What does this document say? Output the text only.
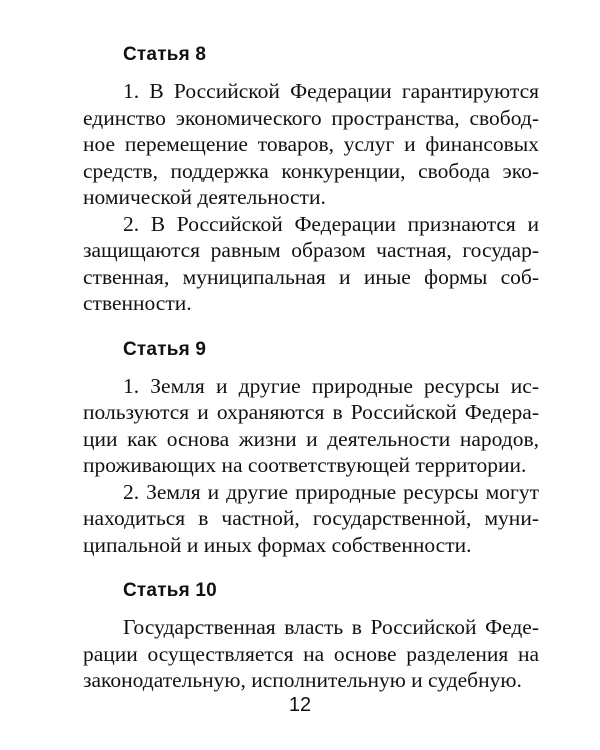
Статья 8

1. В Российской Федерации гарантируются единство экономического пространства, свободное перемещение товаров, услуг и финансовых средств, поддержка конкуренции, свобода экономической деятельности.

2. В Российской Федерации признаются и защищаются равным образом частная, государственная, муниципальная и иные формы собственности.

Статья 9

1. Земля и другие природные ресурсы используются и охраняются в Российской Федерации как основа жизни и деятельности народов, проживающих на соответствующей территории.

2. Земля и другие природные ресурсы могут находиться в частной, государственной, муниципальной и иных формах собственности.

Статья 10

Государственная власть в Российской Федерации осуществляется на основе разделения на законодательную, исполнительную и судебную.

12
